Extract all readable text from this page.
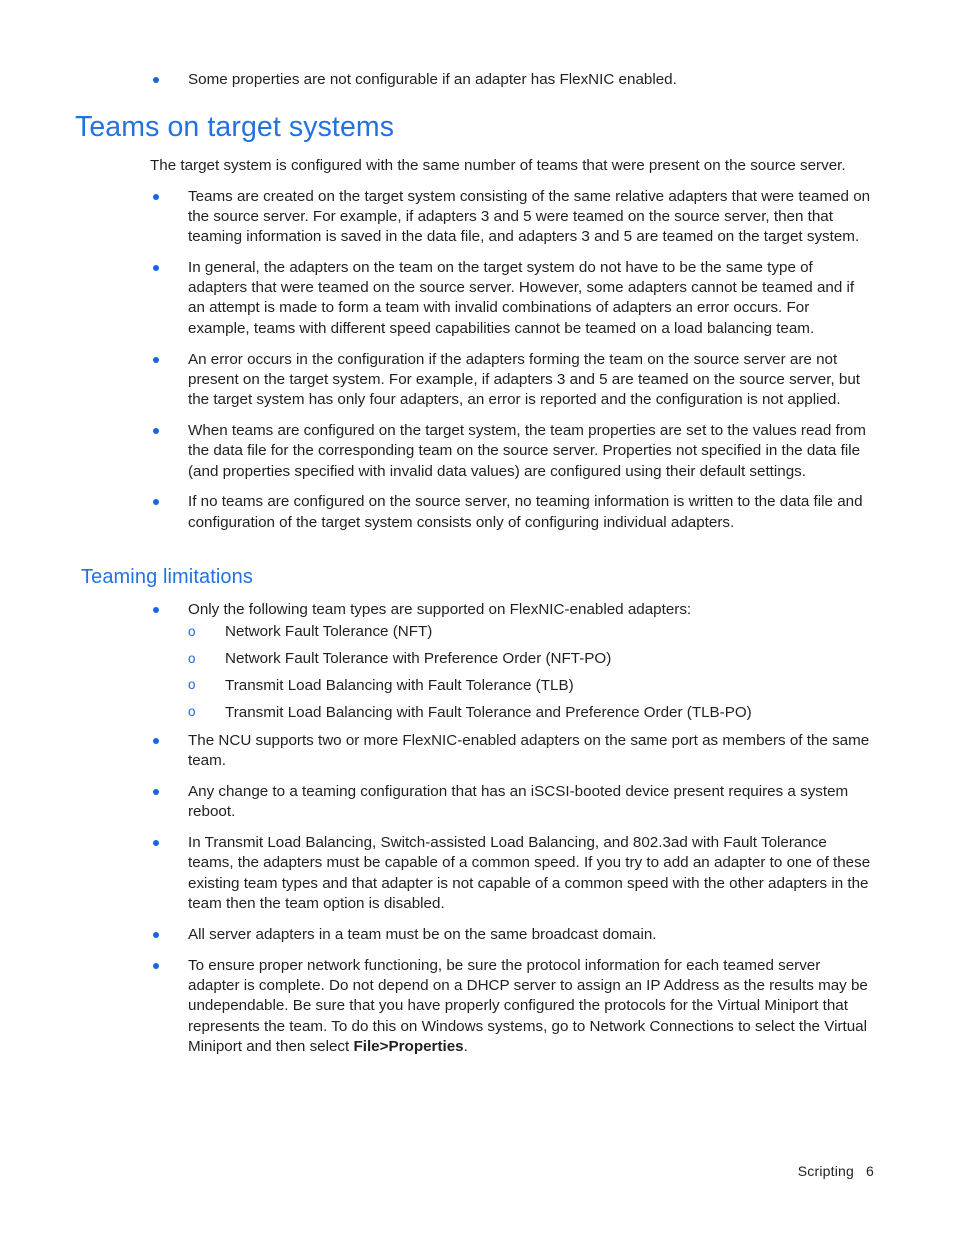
Some properties are not configurable if an adapter has FlexNIC enabled.
Teams on target systems

The target system is configured with the same number of teams that were present on the source server.

Teams are created on the target system consisting of the same relative adapters that were teamed on the source server. For example, if adapters 3 and 5 were teamed on the source server, then that teaming information is saved in the data file, and adapters 3 and 5 are teamed on the target system.
In general, the adapters on the team on the target system do not have to be the same type of adapters that were teamed on the source server. However, some adapters cannot be teamed and if an attempt is made to form a team with invalid combinations of adapters an error occurs. For example, teams with different speed capabilities cannot be teamed on a load balancing team.
An error occurs in the configuration if the adapters forming the team on the source server are not present on the target system. For example, if adapters 3 and 5 are teamed on the source server, but the target system has only four adapters, an error is reported and the configuration is not applied.
When teams are configured on the target system, the team properties are set to the values read from the data file for the corresponding team on the source server. Properties not specified in the data file (and properties specified with invalid data values) are configured using their default settings.
If no teams are configured on the source server, no teaming information is written to the data file and configuration of the target system consists only of configuring individual adapters.
Teaming limitations
Only the following team types are supported on FlexNIC-enabled adapters:
o Network Fault Tolerance (NFT)
o Network Fault Tolerance with Preference Order (NFT-PO)
o Transmit Load Balancing with Fault Tolerance (TLB)
o Transmit Load Balancing with Fault Tolerance and Preference Order (TLB-PO)
The NCU supports two or more FlexNIC-enabled adapters on the same port as members of the same team.
Any change to a teaming configuration that has an iSCSI-booted device present requires a system reboot.
In Transmit Load Balancing, Switch-assisted Load Balancing, and 802.3ad with Fault Tolerance teams, the adapters must be capable of a common speed. If you try to add an adapter to one of these existing team types and that adapter is not capable of a common speed with the other adapters in the team then the team option is disabled.
All server adapters in a team must be on the same broadcast domain.
To ensure proper network functioning, be sure the protocol information for each teamed server adapter is complete. Do not depend on a DHCP server to assign an IP Address as the results may be undependable. Be sure that you have properly configured the protocols for the Virtual Miniport that represents the team. To do this on Windows systems, go to Network Connections to select the Virtual Miniport and then select File>Properties.
Scripting 6
